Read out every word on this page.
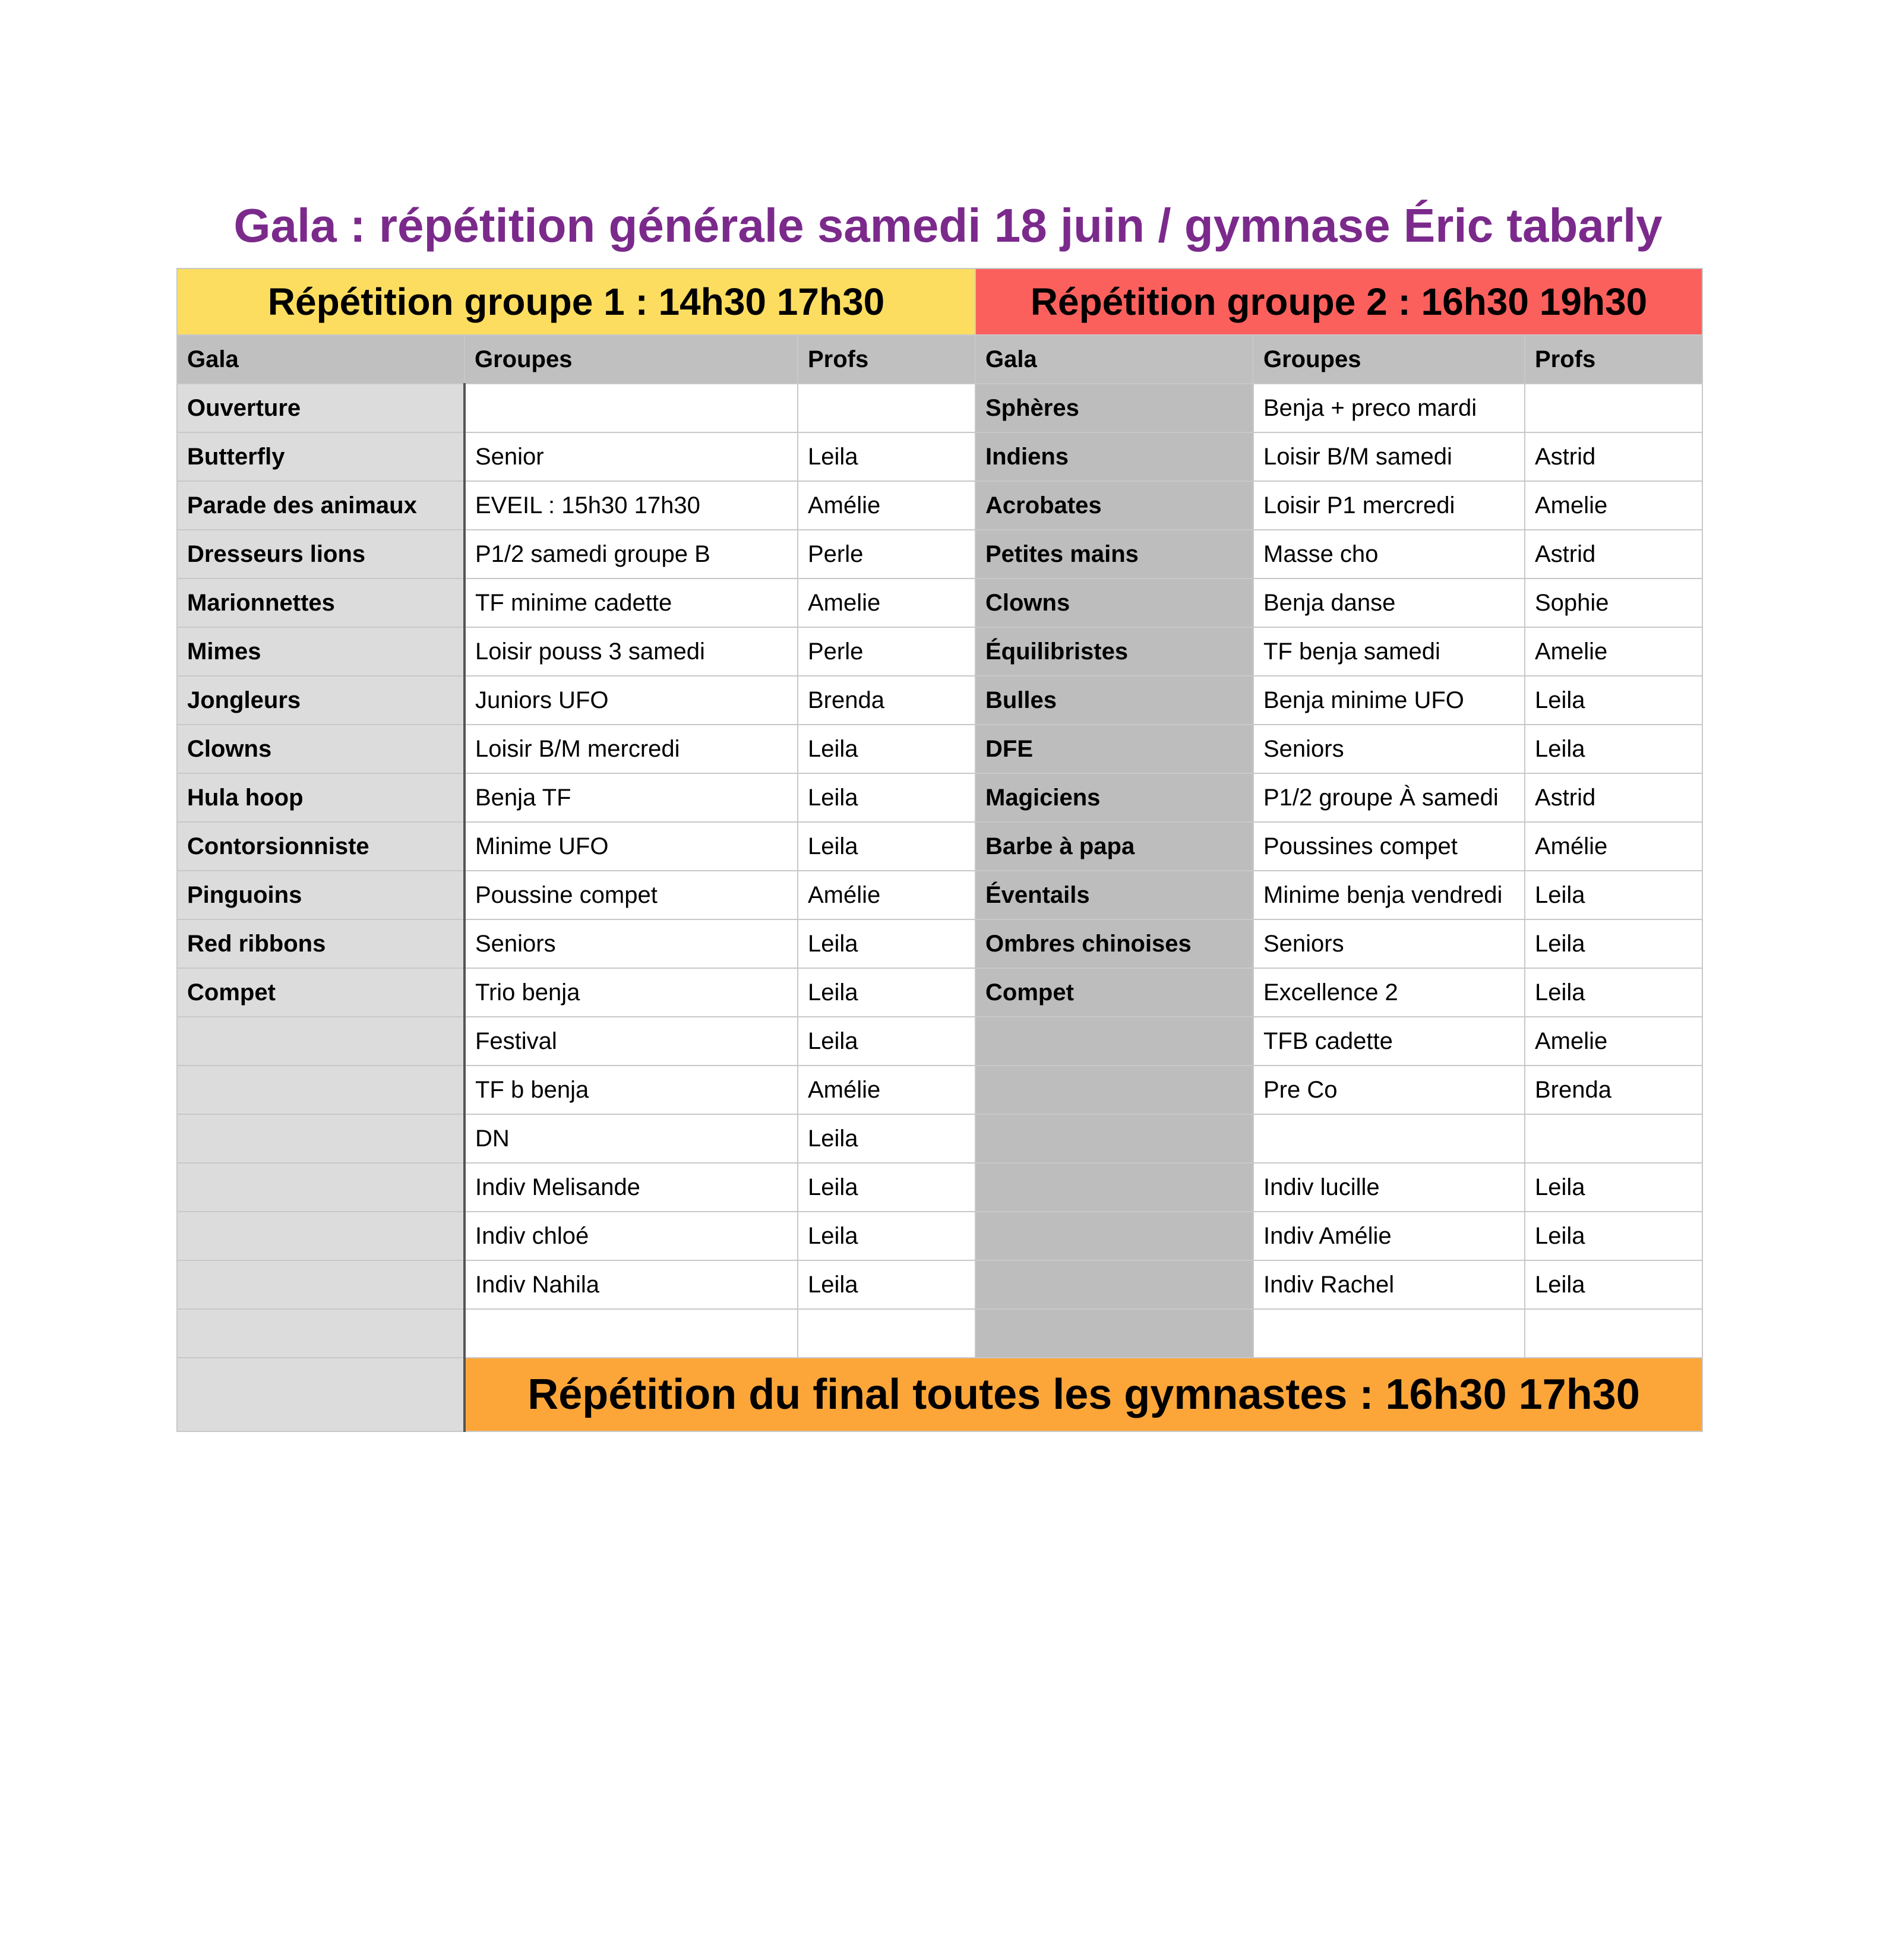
Gala : répétition générale samedi 18 juin / gymnase Éric tabarly
Répétition groupe 1 : 14h30 17h30			Répétition groupe 2 : 16h30 19h30		
Gala	Groupes	Profs	Gala	Groupes	Profs
Ouverture			Sphères	Benja + preco mardi	
Butterfly	Senior	Leila	Indiens	Loisir B/M samedi	Astrid
Parade des animaux	EVEIL : 15h30 17h30	Amélie	Acrobates	Loisir P1 mercredi	Amelie
Dresseurs lions	P1/2 samedi groupe B	Perle	Petites mains	Masse cho	Astrid
Marionnettes	TF minime cadette	Amelie	Clowns	Benja danse	Sophie
Mimes	Loisir pouss 3 samedi	Perle	Équilibristes	TF benja samedi	Amelie
Jongleurs	Juniors UFO	Brenda	Bulles	Benja minime UFO	Leila
Clowns	Loisir B/M mercredi	Leila	DFE	Seniors	Leila
Hula hoop	Benja TF	Leila	Magiciens	P1/2 groupe À samedi	Astrid
Contorsionniste	Minime UFO	Leila	Barbe à papa	Poussines compet	Amélie
Pinguoins	Poussine compet	Amélie	Éventails	Minime benja vendredi	Leila
Red ribbons	Seniors	Leila	Ombres chinoises	Seniors	Leila
Compet	Trio benja	Leila	Compet	Excellence 2	Leila
	Festival	Leila		TFB cadette	Amelie
	TF b benja	Amélie		Pre Co	Brenda
	DN	Leila			
	Indiv Melisande	Leila		Indiv lucille	Leila
	Indiv chloé	Leila		Indiv Amélie	Leila
	Indiv Nahila	Leila		Indiv Rachel	Leila

	Répétition du final toutes les gymnastes : 16h30 17h30				
